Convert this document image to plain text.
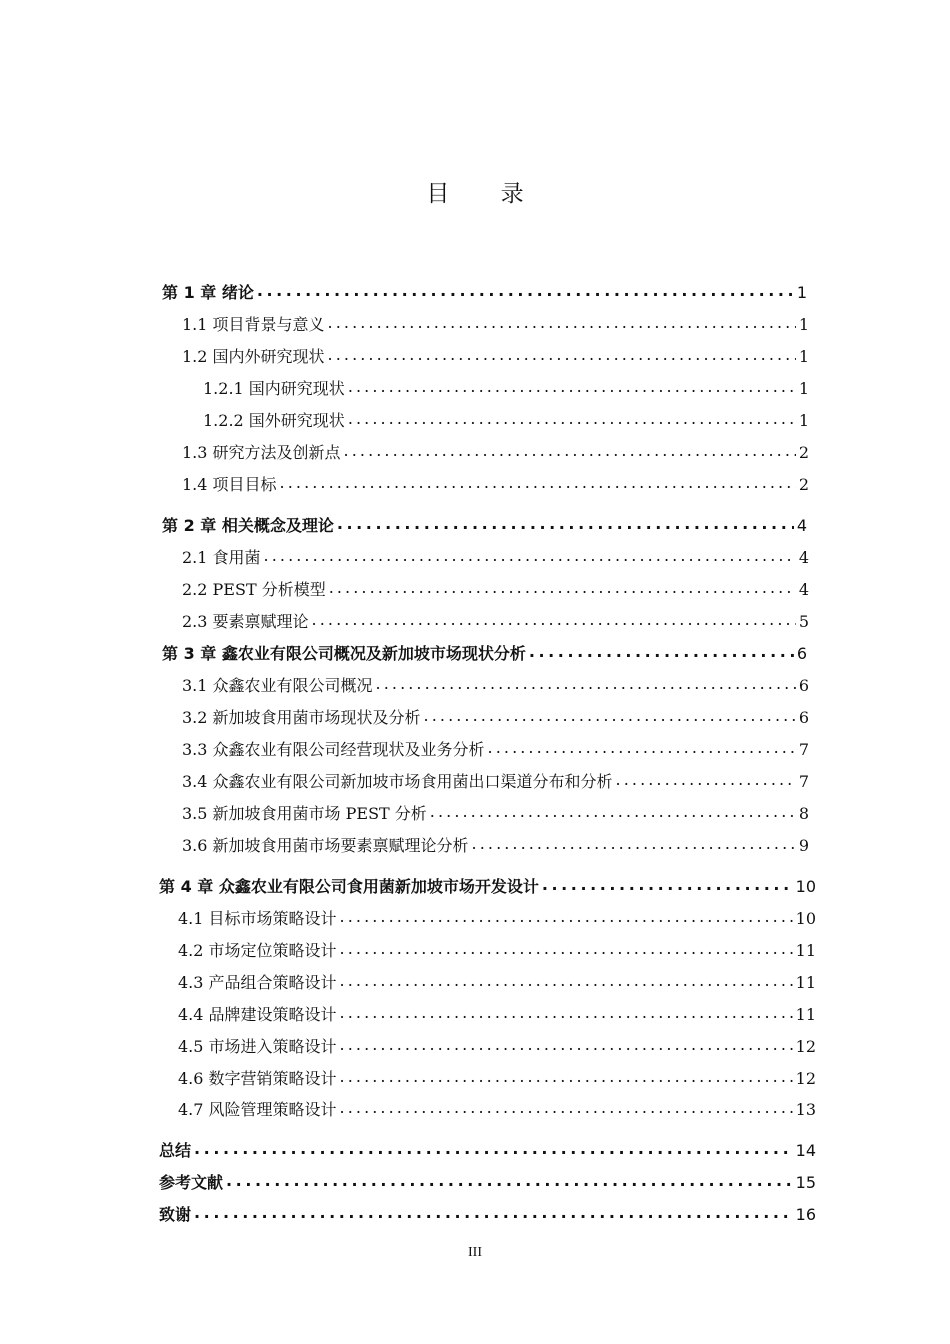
目 录
第 1 章 绪论 . . .	1
1.1 项目背景与意义 . . .	1
1.2 国内外研究现状 . . .	1
1.2.1 国内研究现状 . . .	1
1.2.2 国外研究现状 . . .	1
1.3 研究方法及创新点 . . .	2
1.4 项目目标 . . .	2
第 2 章 相关概念及理论 . . .	4
2.1 食用菌 . . .	4
2.2 PEST 分析模型 . . .	4
2.3 要素禀赋理论 . . .	5
第 3 章 鑫农业有限公司概况及新加坡市场现状分析 . . .	6
3.1 众鑫农业有限公司概况 . . .	6
3.2 新加坡食用菌市场现状及分析 . . .	6
3.3 众鑫农业有限公司经营现状及业务分析 . . .	7
3.4 众鑫农业有限公司新加坡市场食用菌出口渠道分布和分析 . . .	7
3.5 新加坡食用菌市场 PEST 分析 . . .	8
3.6 新加坡食用菌市场要素禀赋理论分析 . . .	9
第 4 章 众鑫农业有限公司食用菌新加坡市场开发设计 . . .	10
4.1 目标市场策略设计 . . .	10
4.2 市场定位策略设计 . . .	11
4.3 产品组合策略设计 . . .	11
4.4 品牌建设策略设计 . . .	11
4.5 市场进入策略设计 . . .	12
4.6 数字营销策略设计 . . .	12
4.7 风险管理策略设计 . . .	13
总结 . . .	14
参考文献 . . .	15
致谢 . . .	16
III
